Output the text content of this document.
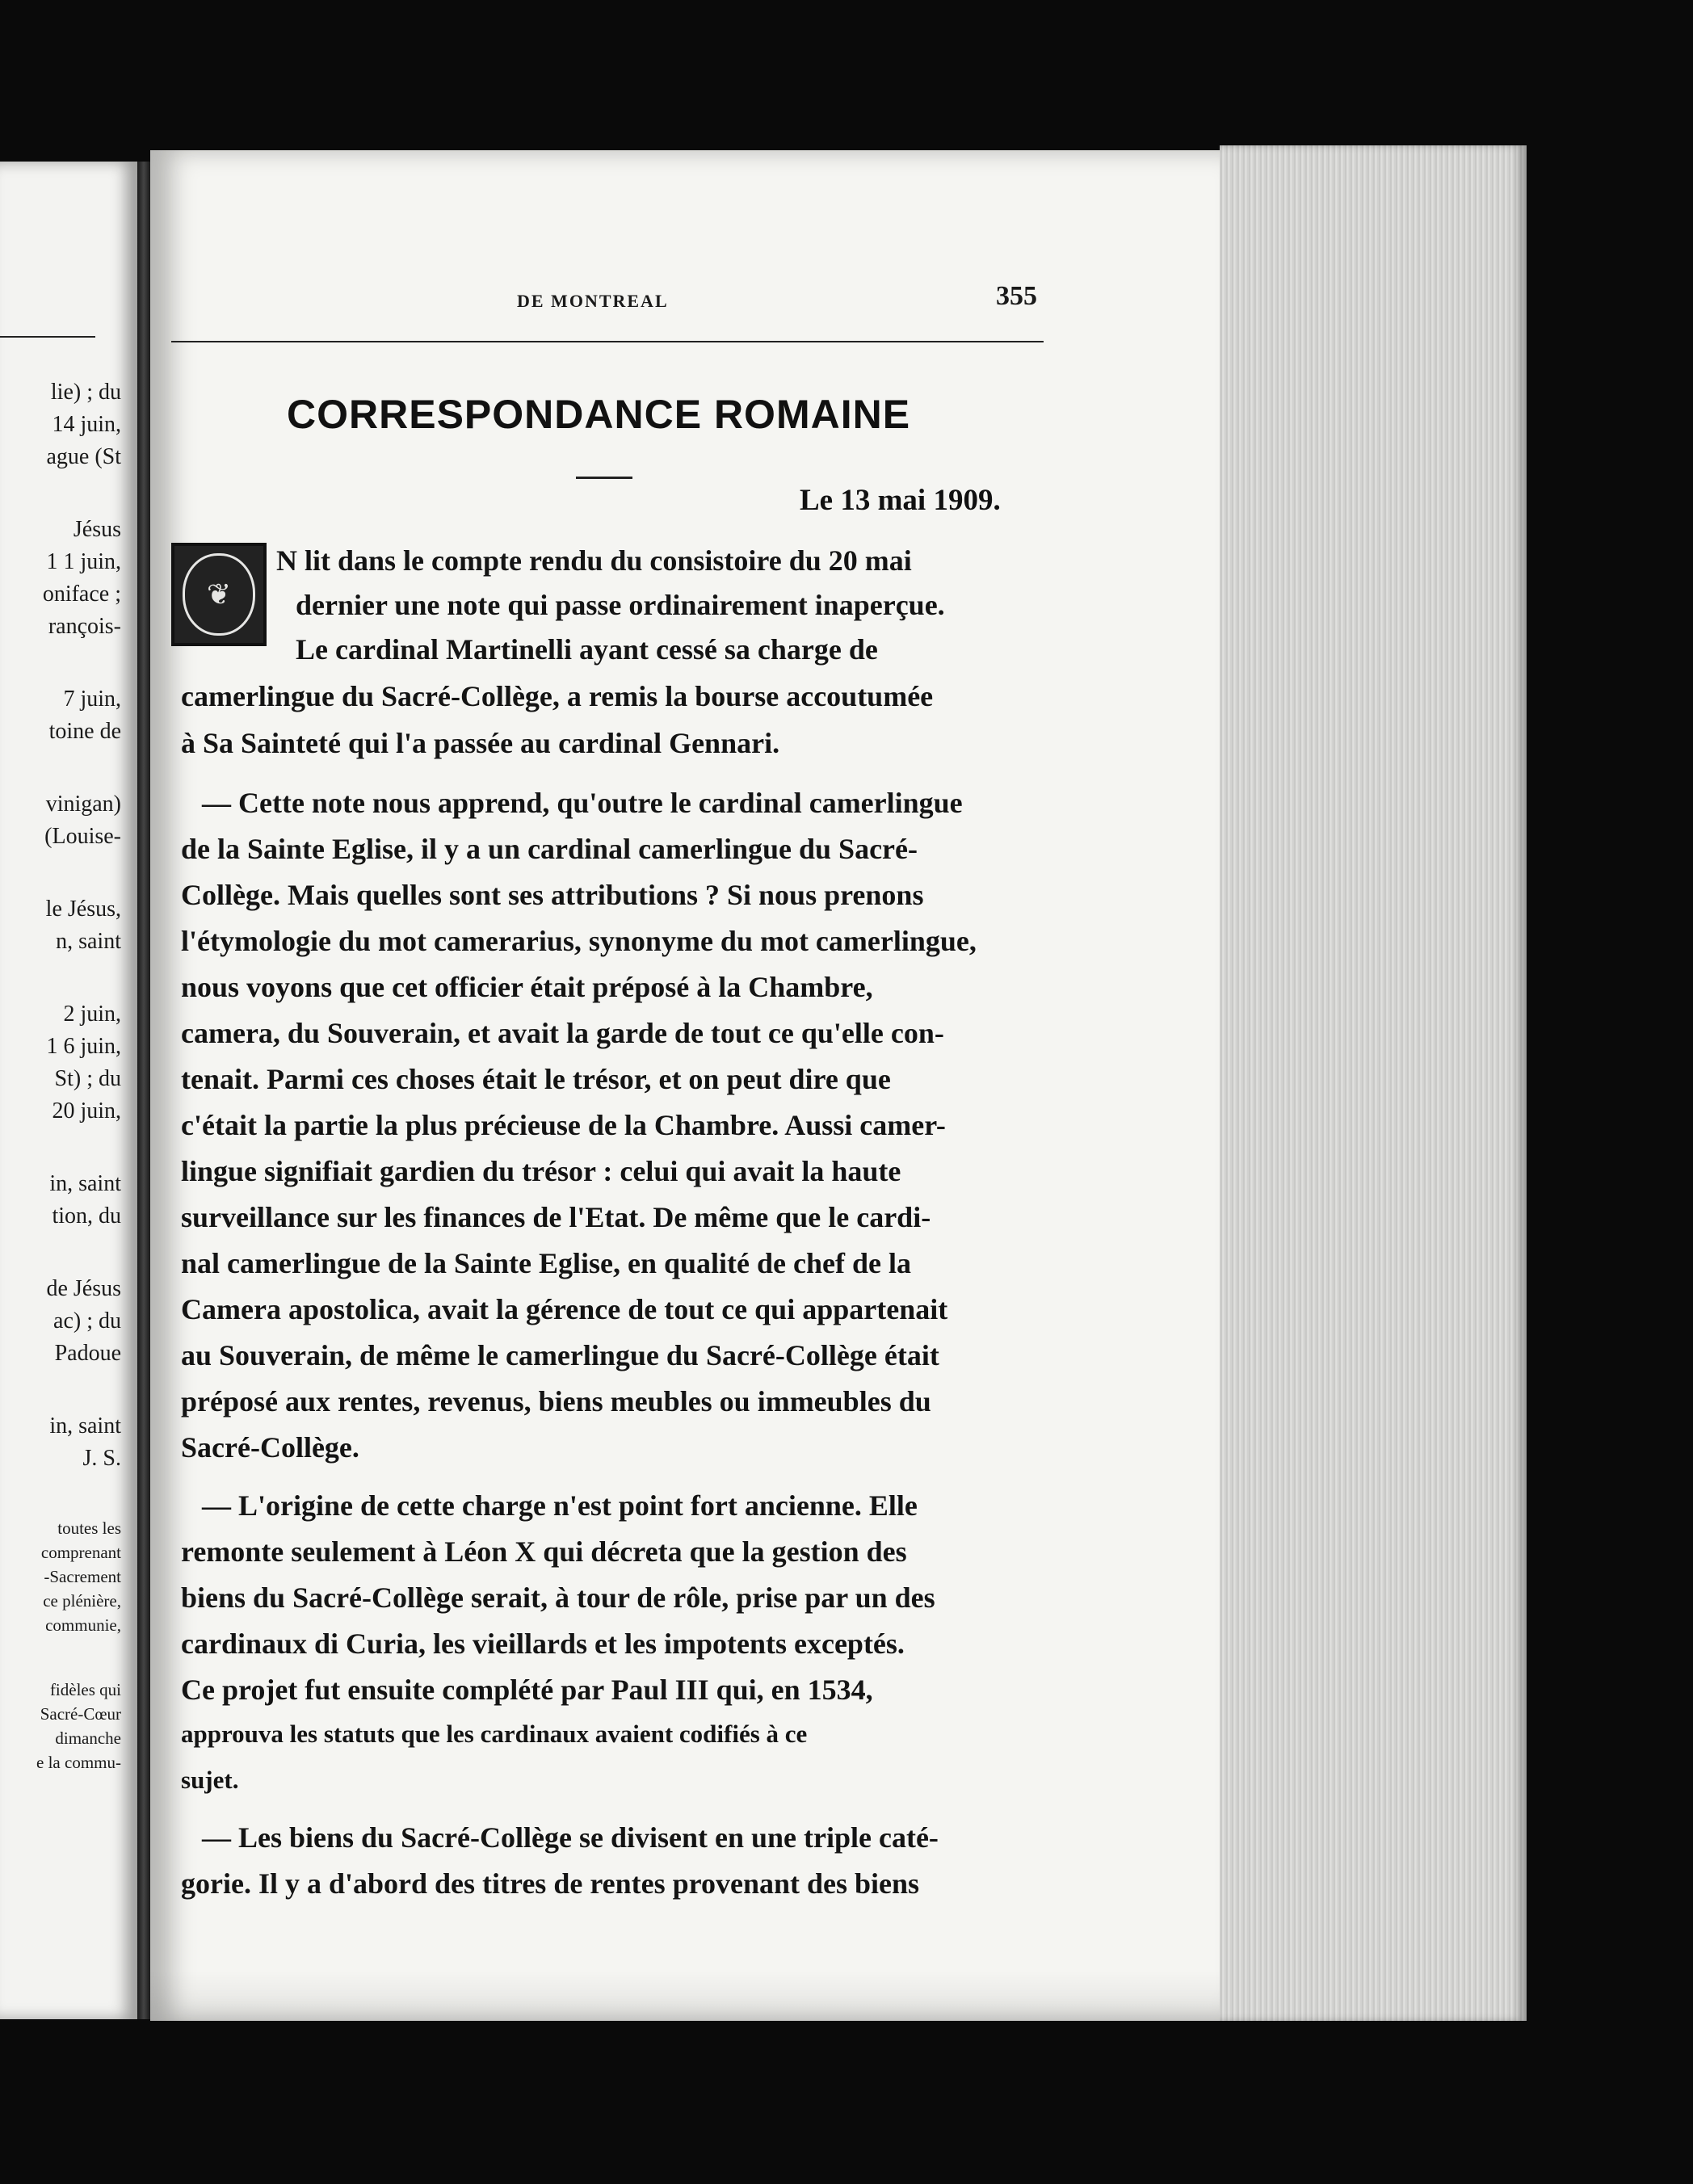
lie) ; du
14 juin,
ague (St
Jésus
1 1 juin,
oniface ;
rançois-
7 juin,
toine de
vinigan)
(Louise-
le Jésus,
n, saint
2 juin,
1 6 juin,
St) ; du
20 juin,
in, saint
tion, du
de Jésus
ac) ; du
Padoue
in, saint
J. S.
toutes les
comprenant
-Sacrement
ce plénière,
communie,
fidèles qui
Sacré-Cœur
dimanche
e la commu-
DE MONTREAL	355
CORRESPONDANCE ROMAINE
Le 13 mai 1909.
❦
N lit dans le compte rendu du consistoire du 20 mai
dernier une note qui passe ordinairement inaperçue.
Le cardinal Martinelli ayant cessé sa charge de
camerlingue du Sacré-Collège, a remis la bourse accoutumée
à Sa Sainteté qui l'a passée au cardinal Gennari.
— Cette note nous apprend, qu'outre le cardinal camerlingue
de la Sainte Eglise, il y a un cardinal camerlingue du Sacré-
Collège. Mais quelles sont ses attributions ? Si nous prenons
l'étymologie du mot camerarius, synonyme du mot camerlingue,
nous voyons que cet officier était préposé à la Chambre,
camera, du Souverain, et avait la garde de tout ce qu'elle con-
tenait. Parmi ces choses était le trésor, et on peut dire que
c'était la partie la plus précieuse de la Chambre. Aussi camer-
lingue signifiait gardien du trésor : celui qui avait la haute
surveillance sur les finances de l'Etat. De même que le cardi-
nal camerlingue de la Sainte Eglise, en qualité de chef de la
Camera apostolica, avait la gérence de tout ce qui appartenait
au Souverain, de même le camerlingue du Sacré-Collège était
préposé aux rentes, revenus, biens meubles ou immeubles du
Sacré-Collège.
— L'origine de cette charge n'est point fort ancienne. Elle
remonte seulement à Léon X qui décreta que la gestion des
biens du Sacré-Collège serait, à tour de rôle, prise par un des
cardinaux di Curia, les vieillards et les impotents exceptés.
Ce projet fut ensuite complété par Paul III qui, en 1534,
approuva les statuts que les cardinaux avaient codifiés à ce
sujet.
— Les biens du Sacré-Collège se divisent en une triple caté-
gorie. Il y a d'abord des titres de rentes provenant des biens
